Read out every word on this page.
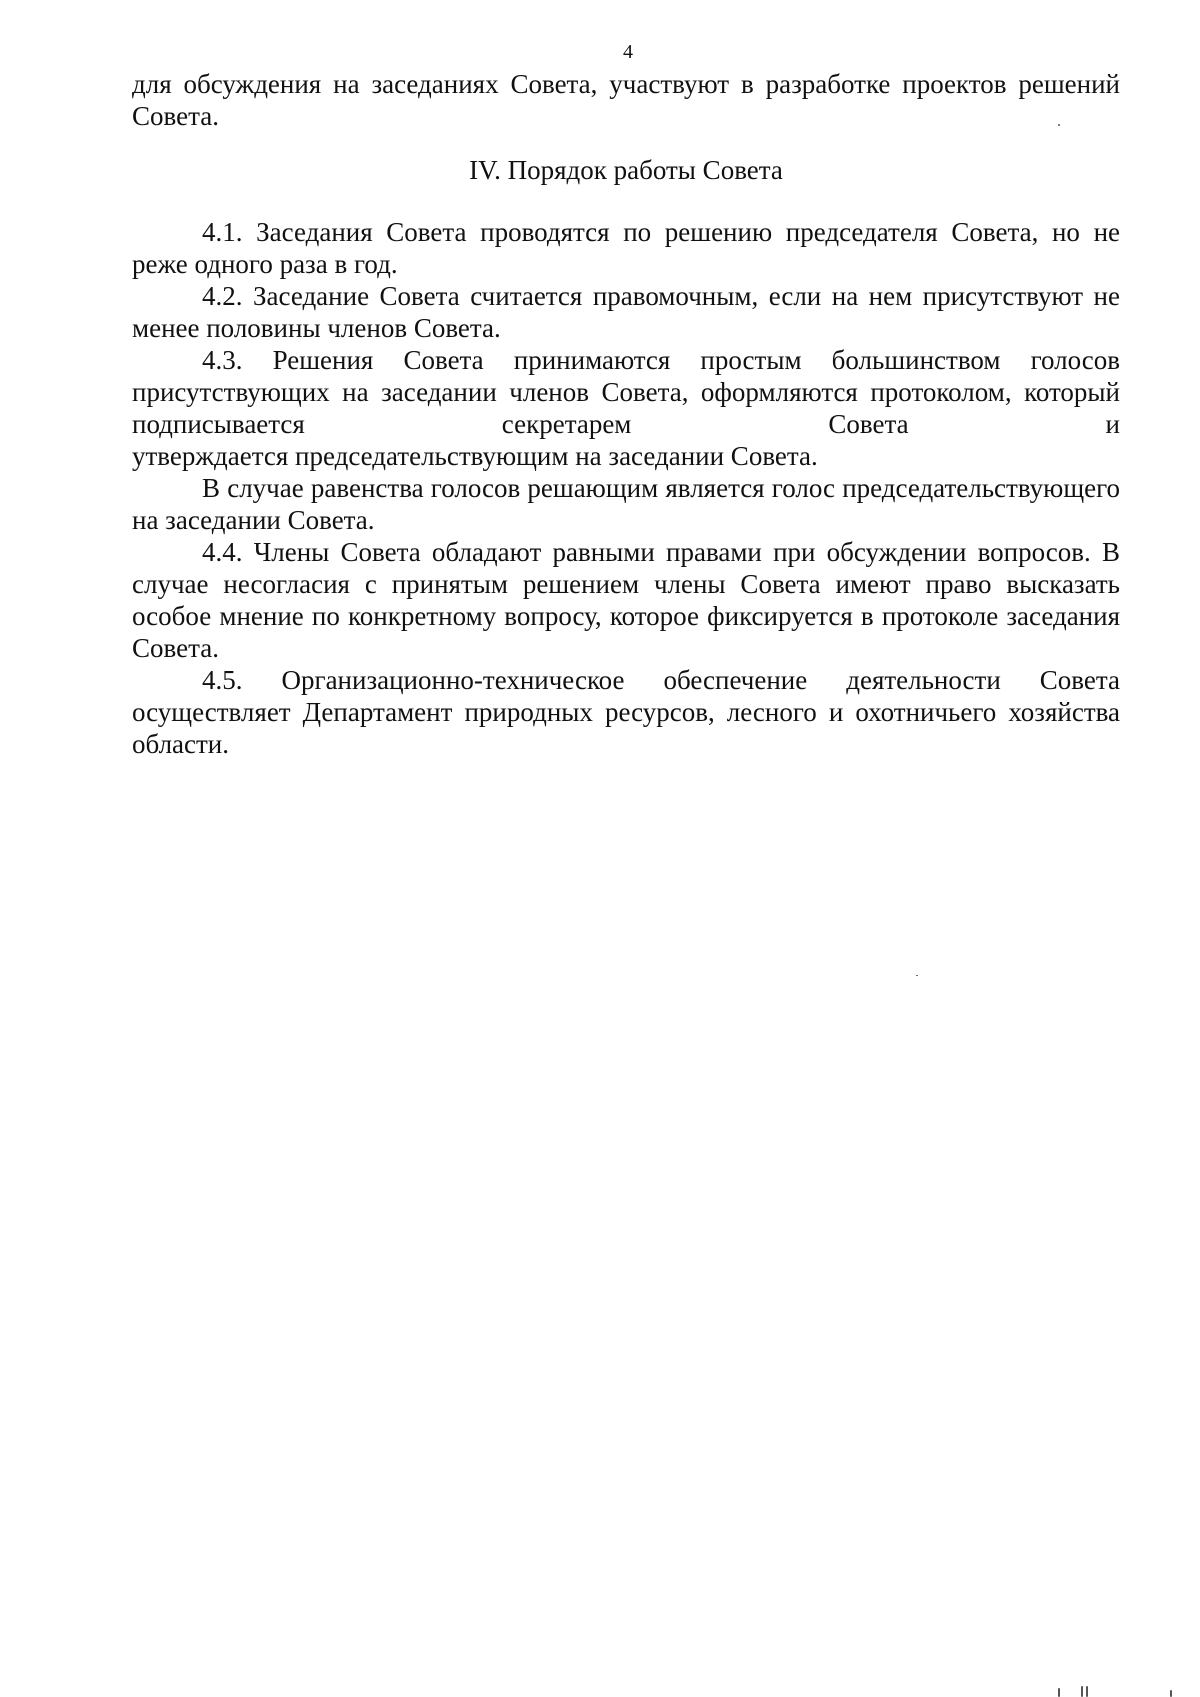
4

для обсуждения на заседаниях Совета, участвуют в разработке проектов решений Совета.

IV. Порядок работы Совета

4.1. Заседания Совета проводятся по решению председателя Совета, но не реже одного раза в год.

4.2. Заседание Совета считается правомочным, если на нем присутствуют не менее половины членов Совета.

4.3. Решения Совета принимаются простым большинством голосов присутствующих на заседании членов Совета, оформляются протоколом, который подписывается секретарем Совета и

утверждается председательствующим на заседании Совета.

В случае равенства голосов решающим является голос председательствующего на заседании Совета.

4.4. Члены Совета обладают равными правами при обсуждении вопросов. В случае несогласия с принятым решением члены Совета имеют право высказать особое мнение по конкретному вопросу, которое фиксируется в протоколе заседания Совета.

4.5. Организационно-техническое обеспечение деятельности Совета осуществляет Департамент природных ресурсов, лесного и охотничьего хозяйства области.
